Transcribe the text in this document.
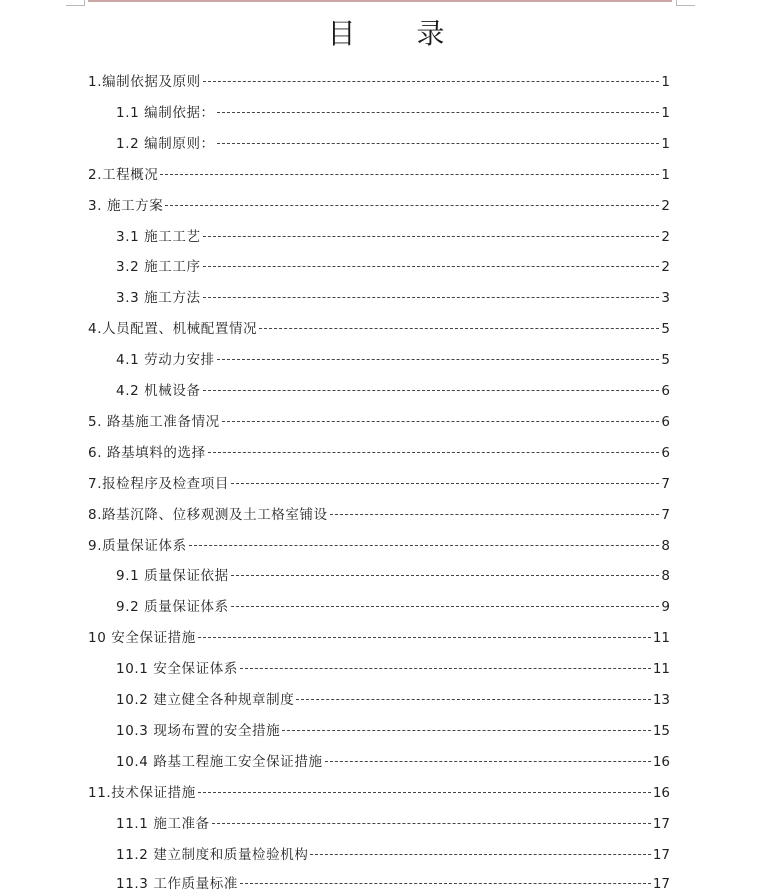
目 录
1.编制依据及原则	1
1.1 编制依据：	1
1.2 编制原则：	1
2.工程概况	1
3. 施工方案	2
3.1 施工工艺	2
3.2 施工工序	2
3.3 施工方法	3
4.人员配置、机械配置情况	5
4.1 劳动力安排	5
4.2 机械设备	6
5. 路基施工准备情况	6
6. 路基填料的选择	6
7.报检程序及检查项目	7
8.路基沉降、位移观测及土工格室铺设	7
9.质量保证体系	8
9.1 质量保证依据	8
9.2 质量保证体系	9
10 安全保证措施	11
10.1 安全保证体系	11
10.2 建立健全各种规章制度	13
10.3 现场布置的安全措施	15
10.4 路基工程施工安全保证措施	16
11.技术保证措施	16
11.1 施工准备	17
11.2 建立制度和质量检验机构	17
11.3 工作质量标准	17
